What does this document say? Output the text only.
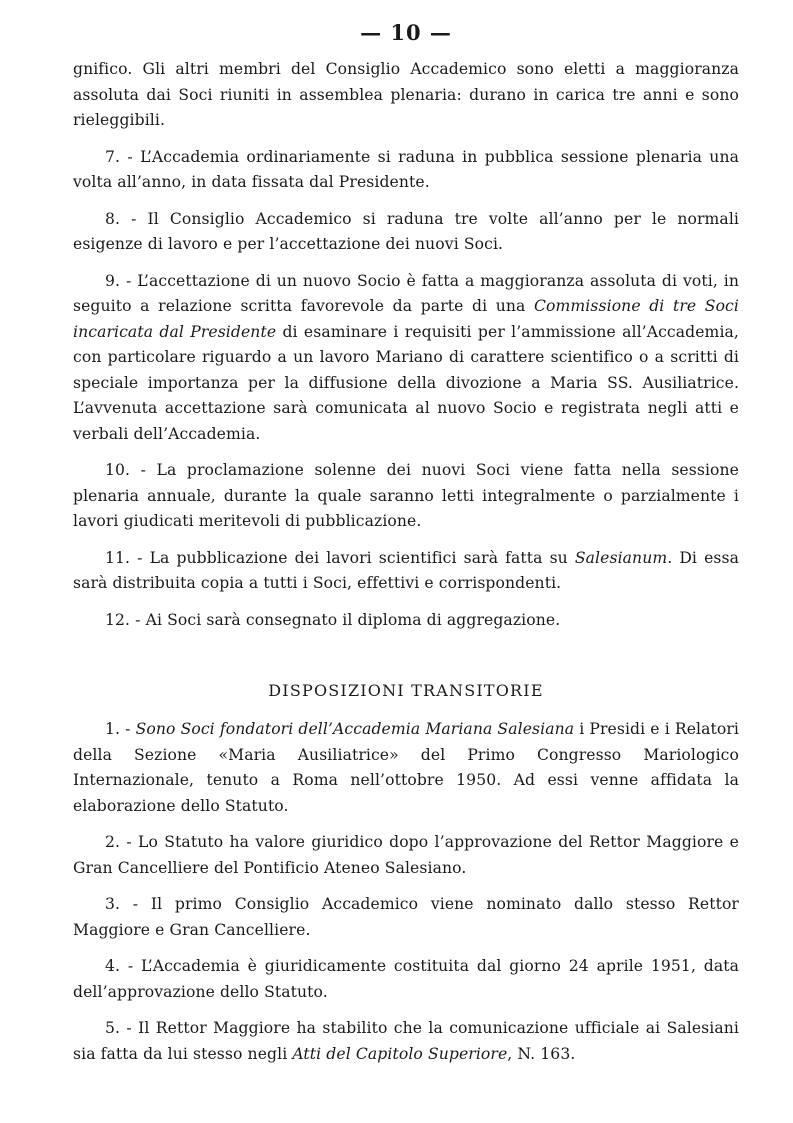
— 10 —

gnifico. Gli altri membri del Consiglio Accademico sono eletti a maggioranza assoluta dai Soci riuniti in assemblea plenaria: durano in carica tre anni e sono rieleggibili.

7. - L’Accademia ordinariamente si raduna in pubblica sessione plenaria una volta all’anno, in data fissata dal Presidente.

8. - Il Consiglio Accademico si raduna tre volte all’anno per le normali esigenze di lavoro e per l’accettazione dei nuovi Soci.

9. - L’accettazione di un nuovo Socio è fatta a maggioranza assoluta di voti, in seguito a relazione scritta favorevole da parte di una Commissione di tre Soci incaricata dal Presidente di esaminare i requisiti per l’ammissione all’Accademia, con particolare riguardo a un lavoro Mariano di carattere scientifico o a scritti di speciale importanza per la diffusione della divozione a Maria SS. Ausiliatrice. L’avvenuta accettazione sarà comunicata al nuovo Socio e registrata negli atti e verbali dell’Accademia.

10. - La proclamazione solenne dei nuovi Soci viene fatta nella sessione plenaria annuale, durante la quale saranno letti integralmente o parzialmente i lavori giudicati meritevoli di pubblicazione.

11. - La pubblicazione dei lavori scientifici sarà fatta su Salesianum. Di essa sarà distribuita copia a tutti i Soci, effettivi e corrispondenti.

12. - Ai Soci sarà consegnato il diploma di aggregazione.

DISPOSIZIONI TRANSITORIE

1. - Sono Soci fondatori dell’Accademia Mariana Salesiana i Presidi e i Relatori della Sezione «Maria Ausiliatrice» del Primo Congresso Mariologico Internazionale, tenuto a Roma nell’ottobre 1950. Ad essi venne affidata la elaborazione dello Statuto.

2. - Lo Statuto ha valore giuridico dopo l’approvazione del Rettor Maggiore e Gran Cancelliere del Pontificio Ateneo Salesiano.

3. - Il primo Consiglio Accademico viene nominato dallo stesso Rettor Maggiore e Gran Cancelliere.

4. - L’Accademia è giuridicamente costituita dal giorno 24 aprile 1951, data dell’approvazione dello Statuto.

5. - Il Rettor Maggiore ha stabilito che la comunicazione ufficiale ai Salesiani sia fatta da lui stesso negli Atti del Capitolo Superiore, N. 163.
